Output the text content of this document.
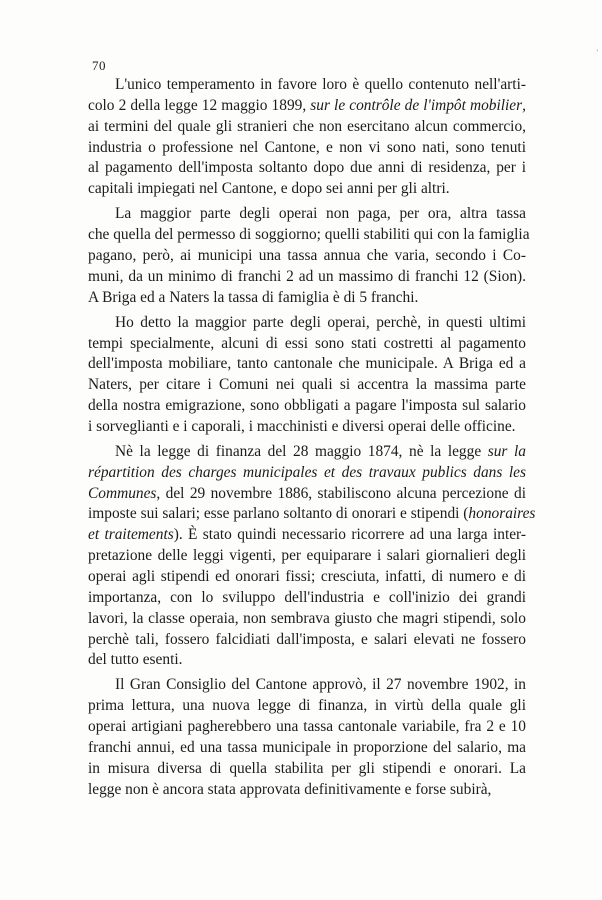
70
'
L'unico temperamento in favore loro è quello contenuto nell'arti-
colo 2 della legge 12 maggio 1899, sur le contrôle de l'impôt mobilier,
ai termini del quale gli stranieri che non esercitano alcun commercio,
industria o professione nel Cantone, e non vi sono nati, sono tenuti
al pagamento dell'imposta soltanto dopo due anni di residenza, per i
capitali impiegati nel Cantone, e dopo sei anni per gli altri.
La maggior parte degli operai non paga, per ora, altra tassa
che quella del permesso di soggiorno; quelli stabiliti qui con la famiglia
pagano, però, ai municipi una tassa annua che varia, secondo i Co-
muni, da un minimo di franchi 2 ad un massimo di franchi 12 (Sion).
A Briga ed a Naters la tassa di famiglia è di 5 franchi.
Ho detto la maggior parte degli operai, perchè, in questi ultimi
tempi specialmente, alcuni di essi sono stati costretti al pagamento
dell'imposta mobiliare, tanto cantonale che municipale. A Briga ed a
Naters, per citare i Comuni nei quali si accentra la massima parte
della nostra emigrazione, sono obbligati a pagare l'imposta sul salario
i sorveglianti e i caporali, i macchinisti e diversi operai delle officine.
Nè la legge di finanza del 28 maggio 1874, nè la legge sur la
répartition des charges municipales et des travaux publics dans les
Communes, del 29 novembre 1886, stabiliscono alcuna percezione di
imposte sui salari; esse parlano soltanto di onorari e stipendi (honoraires
et traitements). È stato quindi necessario ricorrere ad una larga inter-
pretazione delle leggi vigenti, per equiparare i salari giornalieri degli
operai agli stipendi ed onorari fissi; cresciuta, infatti, di numero e di
importanza, con lo sviluppo dell'industria e coll'inizio dei grandi
lavori, la classe operaia, non sembrava giusto che magri stipendi, solo
perchè tali, fossero falcidiati dall'imposta, e salari elevati ne fossero
del tutto esenti.
Il Gran Consiglio del Cantone approvò, il 27 novembre 1902, in
prima lettura, una nuova legge di finanza, in virtù della quale gli
operai artigiani pagherebbero una tassa cantonale variabile, fra 2 e 10
franchi annui, ed una tassa municipale in proporzione del salario, ma
in misura diversa di quella stabilita per gli stipendi e onorari. La
legge non è ancora stata approvata definitivamente e forse subirà,
